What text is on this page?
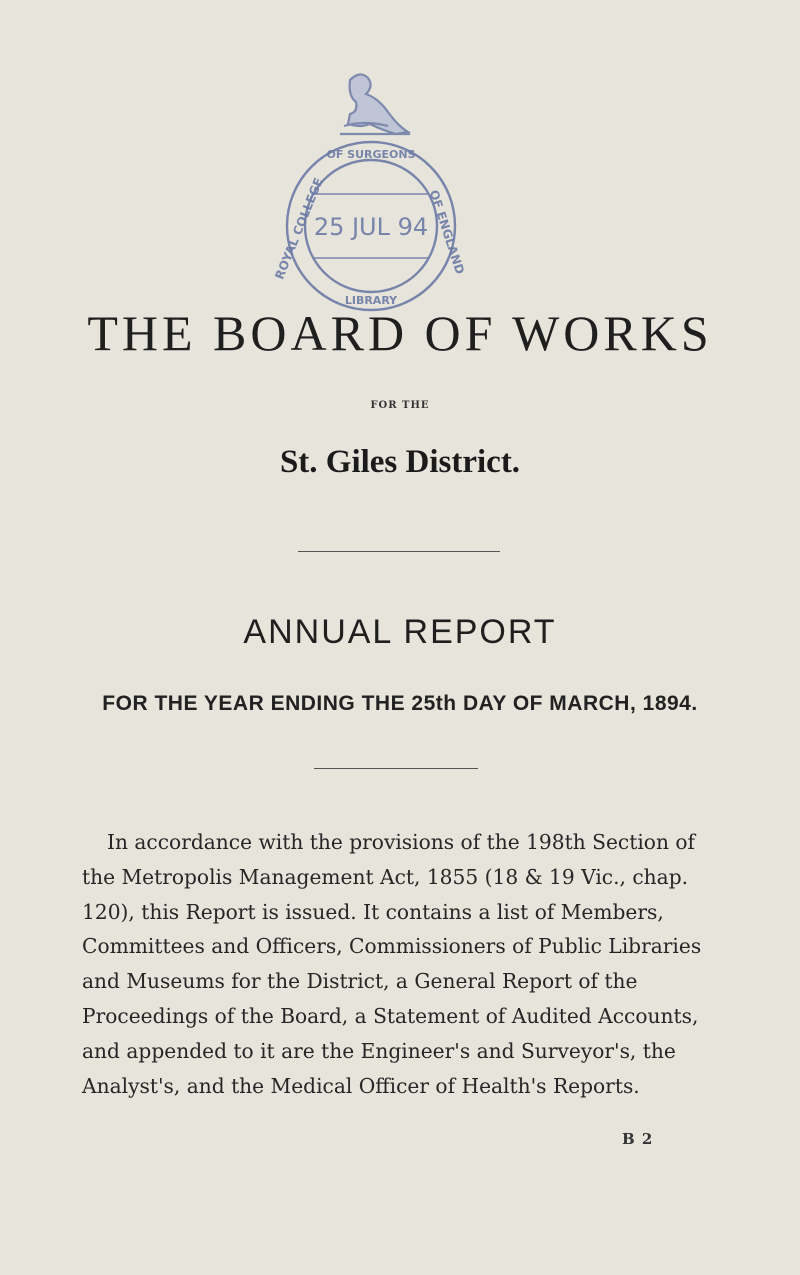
ROYAL COLLEGE
OF SURGEONS
OF ENGLAND
LIBRARY
25 JUL 94
THE BOARD OF WORKS
FOR THE
St. Giles District.
ANNUAL REPORT
FOR THE YEAR ENDING THE 25th DAY OF MARCH, 1894.
In accordance with the provisions of the 198th Section of
the Metropolis Management Act, 1855 (18 & 19 Vic., chap.
120), this Report is issued. It contains a list of Members,
Committees and Officers, Commissioners of Public Libraries
and Museums for the District, a General Report of the
Proceedings of the Board, a Statement of Audited Accounts,
and appended to it are the Engineer's and Surveyor's, the
Analyst's, and the Medical Officer of Health's Reports.
B 2
